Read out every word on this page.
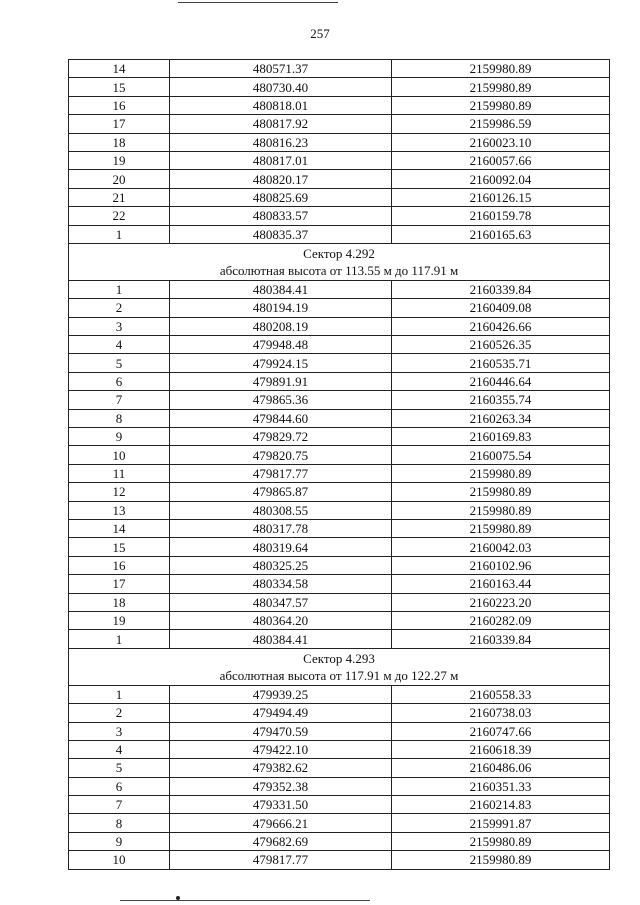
257
14	480571.37	2159980.89
15	480730.40	2159980.89
16	480818.01	2159980.89
17	480817.92	2159986.59
18	480816.23	2160023.10
19	480817.01	2160057.66
20	480820.17	2160092.04
21	480825.69	2160126.15
22	480833.57	2160159.78
1	480835.37	2160165.63

Сектор 4.292
абсолютная высота от 113.55 м до 117.91 м		

1	480384.41	2160339.84
2	480194.19	2160409.08
3	480208.19	2160426.66
4	479948.48	2160526.35
5	479924.15	2160535.71
6	479891.91	2160446.64
7	479865.36	2160355.74
8	479844.60	2160263.34
9	479829.72	2160169.83
10	479820.75	2160075.54
11	479817.77	2159980.89
12	479865.87	2159980.89
13	480308.55	2159980.89
14	480317.78	2159980.89
15	480319.64	2160042.03
16	480325.25	2160102.96
17	480334.58	2160163.44
18	480347.57	2160223.20
19	480364.20	2160282.09
1	480384.41	2160339.84

Сектор 4.293
абсолютная высота от 117.91 м до 122.27 м		

1	479939.25	2160558.33
2	479494.49	2160738.03
3	479470.59	2160747.66
4	479422.10	2160618.39
5	479382.62	2160486.06
6	479352.38	2160351.33
7	479331.50	2160214.83
8	479666.21	2159991.87
9	479682.69	2159980.89
10	479817.77	2159980.89
